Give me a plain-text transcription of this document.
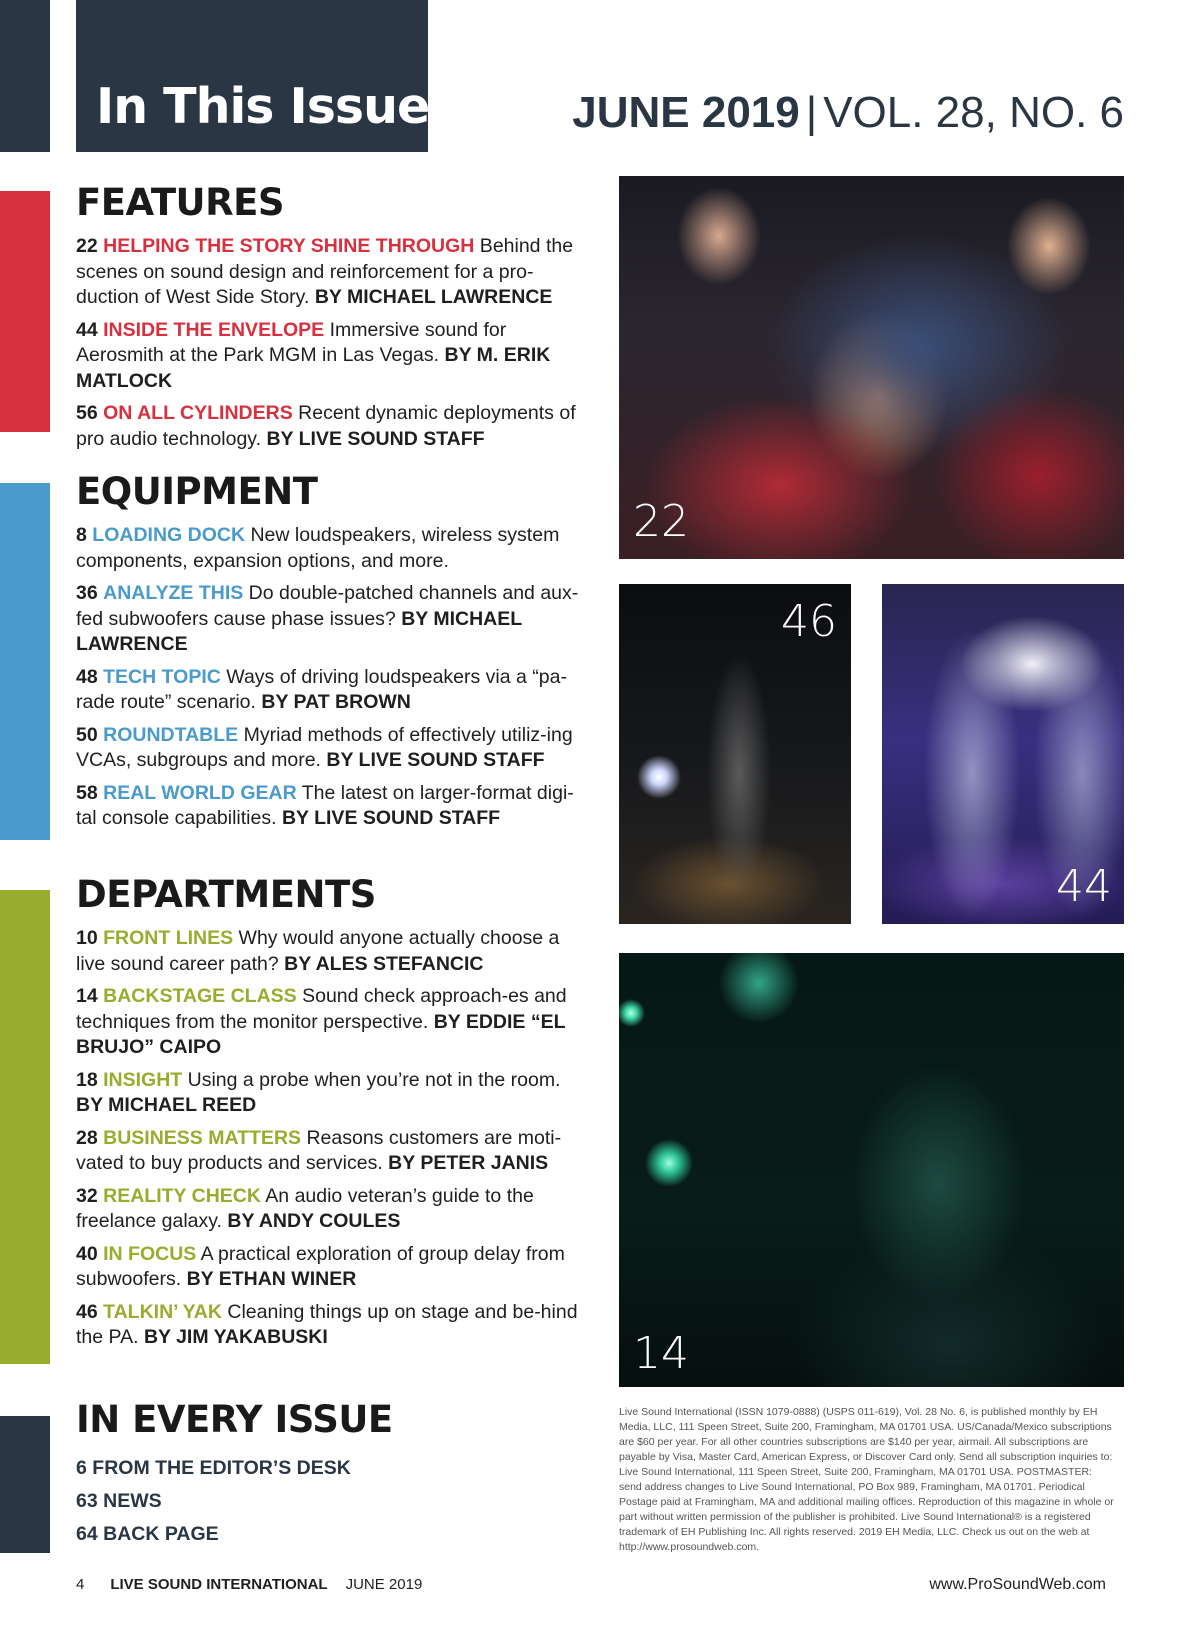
In This Issue	JUNE 2019 | VOL. 28, NO. 6
FEATURES
22 HELPING THE STORY SHINE THROUGH Behind the scenes on sound design and reinforcement for a pro-duction of West Side Story. BY MICHAEL LAWRENCE
44 INSIDE THE ENVELOPE Immersive sound for Aerosmith at the Park MGM in Las Vegas. BY M. ERIK MATLOCK
56 ON ALL CYLINDERS Recent dynamic deployments of pro audio technology. BY LIVE SOUND STAFF
EQUIPMENT
8 LOADING DOCK New loudspeakers, wireless system components, expansion options, and more.
36 ANALYZE THIS Do double-patched channels and aux-fed subwoofers cause phase issues? BY MICHAEL LAWRENCE
48 TECH TOPIC Ways of driving loudspeakers via a “pa-rade route” scenario. BY PAT BROWN
50 ROUNDTABLE Myriad methods of effectively utiliz-ing VCAs, subgroups and more. BY LIVE SOUND STAFF
58 REAL WORLD GEAR The latest on larger-format digi-tal console capabilities. BY LIVE SOUND STAFF
DEPARTMENTS
10 FRONT LINES Why would anyone actually choose a live sound career path? BY ALES STEFANCIC
14 BACKSTAGE CLASS Sound check approach-es and techniques from the monitor perspective. BY EDDIE “EL BRUJO” CAIPO
18 INSIGHT Using a probe when you’re not in the room. BY MICHAEL REED
28 BUSINESS MATTERS Reasons customers are moti-vated to buy products and services. BY PETER JANIS
32 REALITY CHECK An audio veteran’s guide to the freelance galaxy. BY ANDY COULES
40 IN FOCUS A practical exploration of group delay from subwoofers. BY ETHAN WINER
46 TALKIN’ YAK Cleaning things up on stage and be-hind the PA. BY JIM YAKABUSKI
IN EVERY ISSUE
6 FROM THE EDITOR’S DESK
63 NEWS
64 BACK PAGE
22
46
44
14
Live Sound International (ISSN 1079-0888) (USPS 011-619), Vol. 28 No. 6, is published monthly by EH Media, LLC, 111 Speen Street, Suite 200, Framingham, MA 01701 USA. US/Canada/Mexico subscriptions are $60 per year. For all other countries subscriptions are $140 per year, airmail. All subscriptions are payable by Visa, Master Card, American Express, or Discover Card only. Send all subscription inquiries to: Live Sound International, 111 Speen Street, Suite 200, Framingham, MA 01701 USA. POSTMASTER: send address changes to Live Sound International, PO Box 989, Framingham, MA 01701. Periodical Postage paid at Framingham, MA and additional mailing offices. Reproduction of this magazine in whole or part without written permission of the publisher is prohibited. Live Sound International® is a registered trademark of EH Publishing Inc. All rights reserved. 2019 EH Media, LLC. Check us out on the web at http://www.prosoundweb.com.
4 LIVE SOUND INTERNATIONAL JUNE 2019	www.ProSoundWeb.com
